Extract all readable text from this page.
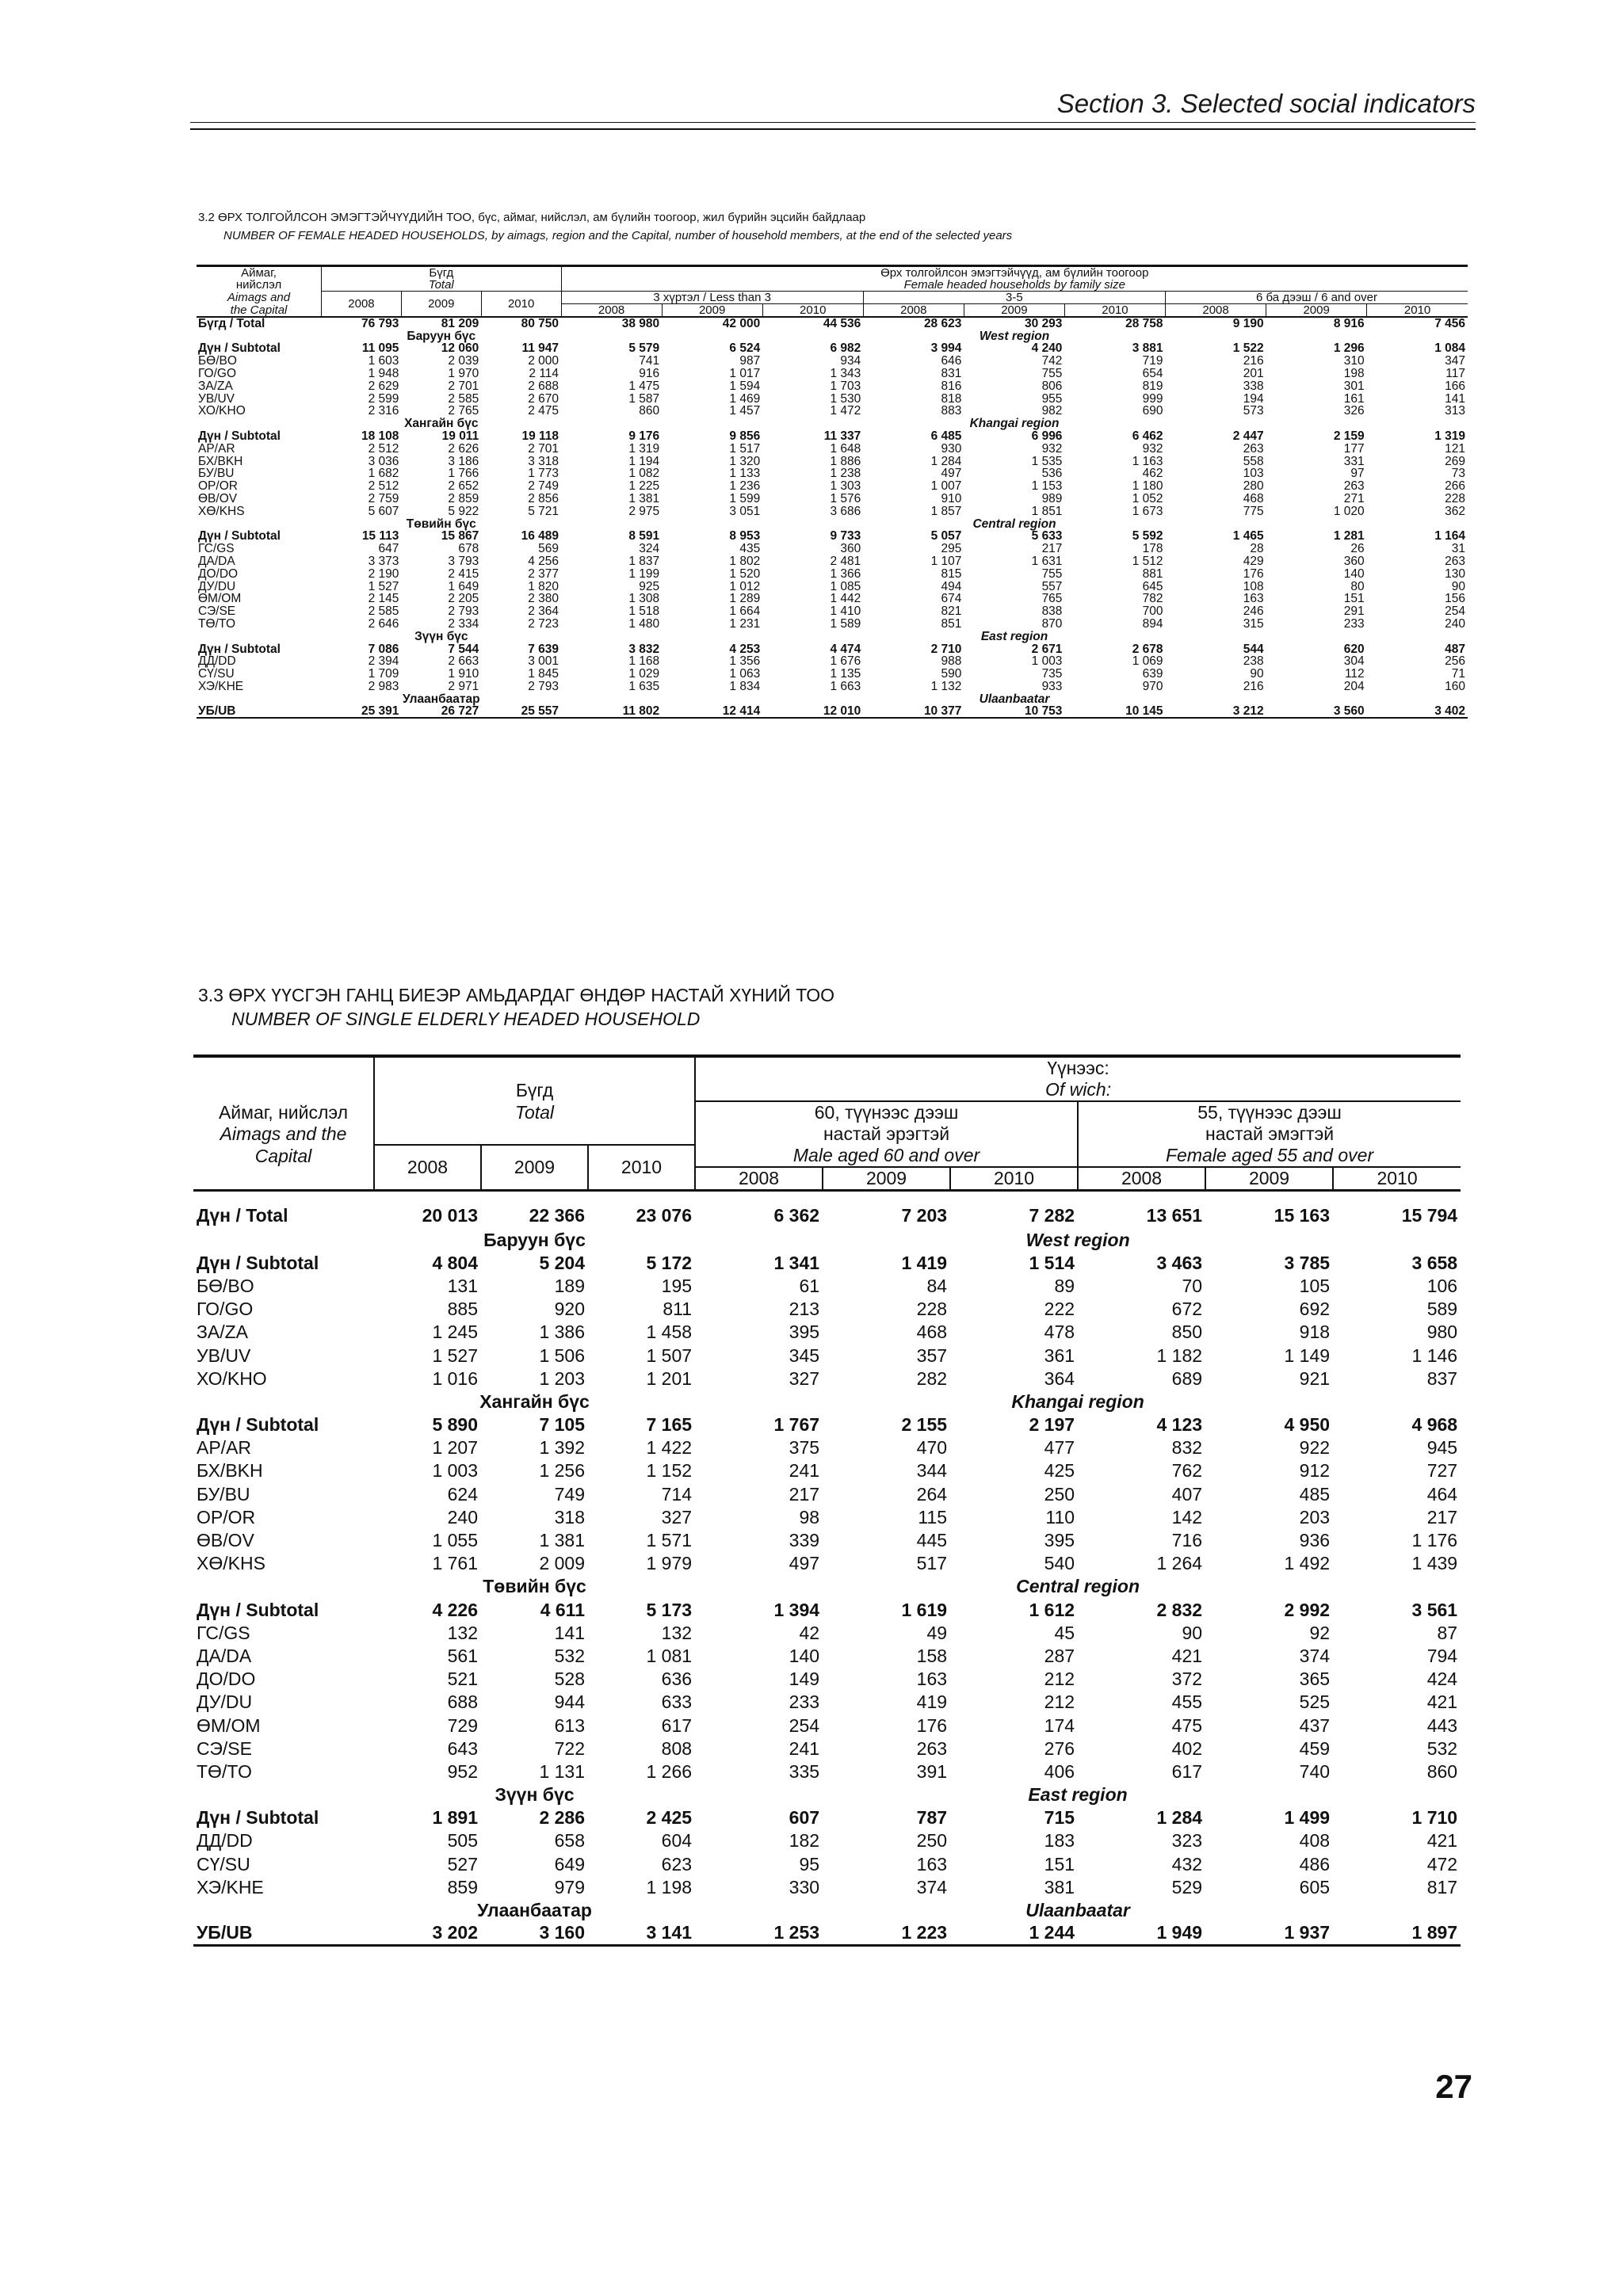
Section 3. Selected social indicators
3.2 ӨРХ ТОЛГОЙЛСОН ЭМЭГТЭЙЧҮҮДИЙН ТОО, бүс, аймаг, нийслэл, ам бүлийн тоогоор, жил бүрийн эцсийн байдлаар
NUMBER OF FEMALE HEADED HOUSEHOLDS, by aimags, region and the Capital, number of household members, at the end of the selected years
Аймаг,	Бүгд			Өрх толгойлсон эмэгтэйчүүд, ам бүлийн тоогоор								
нийслэл	Total			Female headed households by family size								
Aimags and	2008	2009	2010	3 хүртэл / Less than 3			3-5			6 ба дээш / 6 and over		
the Capital				2008	2009	2010	2008	2009	2010	2008	2009	2010
Бүгд / Total	76 793	81 209	80 750	38 980	42 000	44 536	28 623	30 293	28 758	9 190	8 916	7 456
	Баруун бүс			West region								
Дүн / Subtotal	11 095	12 060	11 947	5 579	6 524	6 982	3 994	4 240	3 881	1 522	1 296	1 084
БӨ/BO	1 603	2 039	2 000	741	987	934	646	742	719	216	310	347
ГО/GO	1 948	1 970	2 114	916	1 017	1 343	831	755	654	201	198	117
ЗА/ZA	2 629	2 701	2 688	1 475	1 594	1 703	816	806	819	338	301	166
УВ/UV	2 599	2 585	2 670	1 587	1 469	1 530	818	955	999	194	161	141
ХО/KHO	2 316	2 765	2 475	860	1 457	1 472	883	982	690	573	326	313
	Хангайн бүс			Khangai region								
Дүн / Subtotal	18 108	19 011	19 118	9 176	9 856	11 337	6 485	6 996	6 462	2 447	2 159	1 319
АР/AR	2 512	2 626	2 701	1 319	1 517	1 648	930	932	932	263	177	121
БХ/BKH	3 036	3 186	3 318	1 194	1 320	1 886	1 284	1 535	1 163	558	331	269
БУ/BU	1 682	1 766	1 773	1 082	1 133	1 238	497	536	462	103	97	73
ОР/OR	2 512	2 652	2 749	1 225	1 236	1 303	1 007	1 153	1 180	280	263	266
ӨВ/OV	2 759	2 859	2 856	1 381	1 599	1 576	910	989	1 052	468	271	228
ХӨ/KHS	5 607	5 922	5 721	2 975	3 051	3 686	1 857	1 851	1 673	775	1 020	362
	Төвийн бүс			Central region								
Дүн / Subtotal	15 113	15 867	16 489	8 591	8 953	9 733	5 057	5 633	5 592	1 465	1 281	1 164
ГС/GS	647	678	569	324	435	360	295	217	178	28	26	31
ДА/DA	3 373	3 793	4 256	1 837	1 802	2 481	1 107	1 631	1 512	429	360	263
ДО/DO	2 190	2 415	2 377	1 199	1 520	1 366	815	755	881	176	140	130
ДУ/DU	1 527	1 649	1 820	925	1 012	1 085	494	557	645	108	80	90
ӨМ/OM	2 145	2 205	2 380	1 308	1 289	1 442	674	765	782	163	151	156
СЭ/SE	2 585	2 793	2 364	1 518	1 664	1 410	821	838	700	246	291	254
ТӨ/TO	2 646	2 334	2 723	1 480	1 231	1 589	851	870	894	315	233	240
	Зүүн бүс			East region								
Дүн / Subtotal	7 086	7 544	7 639	3 832	4 253	4 474	2 710	2 671	2 678	544	620	487
ДД/DD	2 394	2 663	3 001	1 168	1 356	1 676	988	1 003	1 069	238	304	256
СҮ/SU	1 709	1 910	1 845	1 029	1 063	1 135	590	735	639	90	112	71
ХЭ/KHE	2 983	2 971	2 793	1 635	1 834	1 663	1 132	933	970	216	204	160
	Улаанбаатар			Ulaanbaatar								
УБ/UB	25 391	26 727	25 557	11 802	12 414	12 010	10 377	10 753	10 145	3 212	3 560	3 402
3.3 ӨРХ ҮҮСГЭН ГАНЦ БИЕЭР АМЬДАРДАГ ӨНДӨР НАСТАЙ ХҮНИЙ ТОО
NUMBER OF SINGLE ELDERLY HEADED HOUSEHOLD
				Үүнээс:					
	Бүгд			Of wich:					
Аймаг, нийслэл	Total			60, түүнээс дээш			55, түүнээс дээш		
Aimags and the				настай эрэгтэй			настай эмэгтэй		
Capital	2008	2009	2010	Male aged 60 and over			Female aged 55 and over		
				2008	2009	2010	2008	2009	2010
Дүн / Total	20 013	22 366	23 076	6 362	7 203	7 282	13 651	15 163	15 794
	Баруун бүс			West region					
Дүн / Subtotal	4 804	5 204	5 172	1 341	1 419	1 514	3 463	3 785	3 658
БӨ/BO	131	189	195	61	84	89	70	105	106
ГО/GO	885	920	811	213	228	222	672	692	589
ЗА/ZA	1 245	1 386	1 458	395	468	478	850	918	980
УВ/UV	1 527	1 506	1 507	345	357	361	1 182	1 149	1 146
ХО/KHO	1 016	1 203	1 201	327	282	364	689	921	837
	Хангайн бүс			Khangai region					
Дүн / Subtotal	5 890	7 105	7 165	1 767	2 155	2 197	4 123	4 950	4 968
АР/AR	1 207	1 392	1 422	375	470	477	832	922	945
БХ/BKH	1 003	1 256	1 152	241	344	425	762	912	727
БУ/BU	624	749	714	217	264	250	407	485	464
ОР/OR	240	318	327	98	115	110	142	203	217
ӨВ/OV	1 055	1 381	1 571	339	445	395	716	936	1 176
ХӨ/KHS	1 761	2 009	1 979	497	517	540	1 264	1 492	1 439
	Төвийн бүс			Central region					
Дүн / Subtotal	4 226	4 611	5 173	1 394	1 619	1 612	2 832	2 992	3 561
ГС/GS	132	141	132	42	49	45	90	92	87
ДА/DA	561	532	1 081	140	158	287	421	374	794
ДО/DO	521	528	636	149	163	212	372	365	424
ДУ/DU	688	944	633	233	419	212	455	525	421
ӨМ/OM	729	613	617	254	176	174	475	437	443
СЭ/SE	643	722	808	241	263	276	402	459	532
ТӨ/TO	952	1 131	1 266	335	391	406	617	740	860
	Зүүн бүс			East region					
Дүн / Subtotal	1 891	2 286	2 425	607	787	715	1 284	1 499	1 710
ДД/DD	505	658	604	182	250	183	323	408	421
СҮ/SU	527	649	623	95	163	151	432	486	472
ХЭ/KHE	859	979	1 198	330	374	381	529	605	817
	Улаанбаатар			Ulaanbaatar					
УБ/UB	3 202	3 160	3 141	1 253	1 223	1 244	1 949	1 937	1 897
27
